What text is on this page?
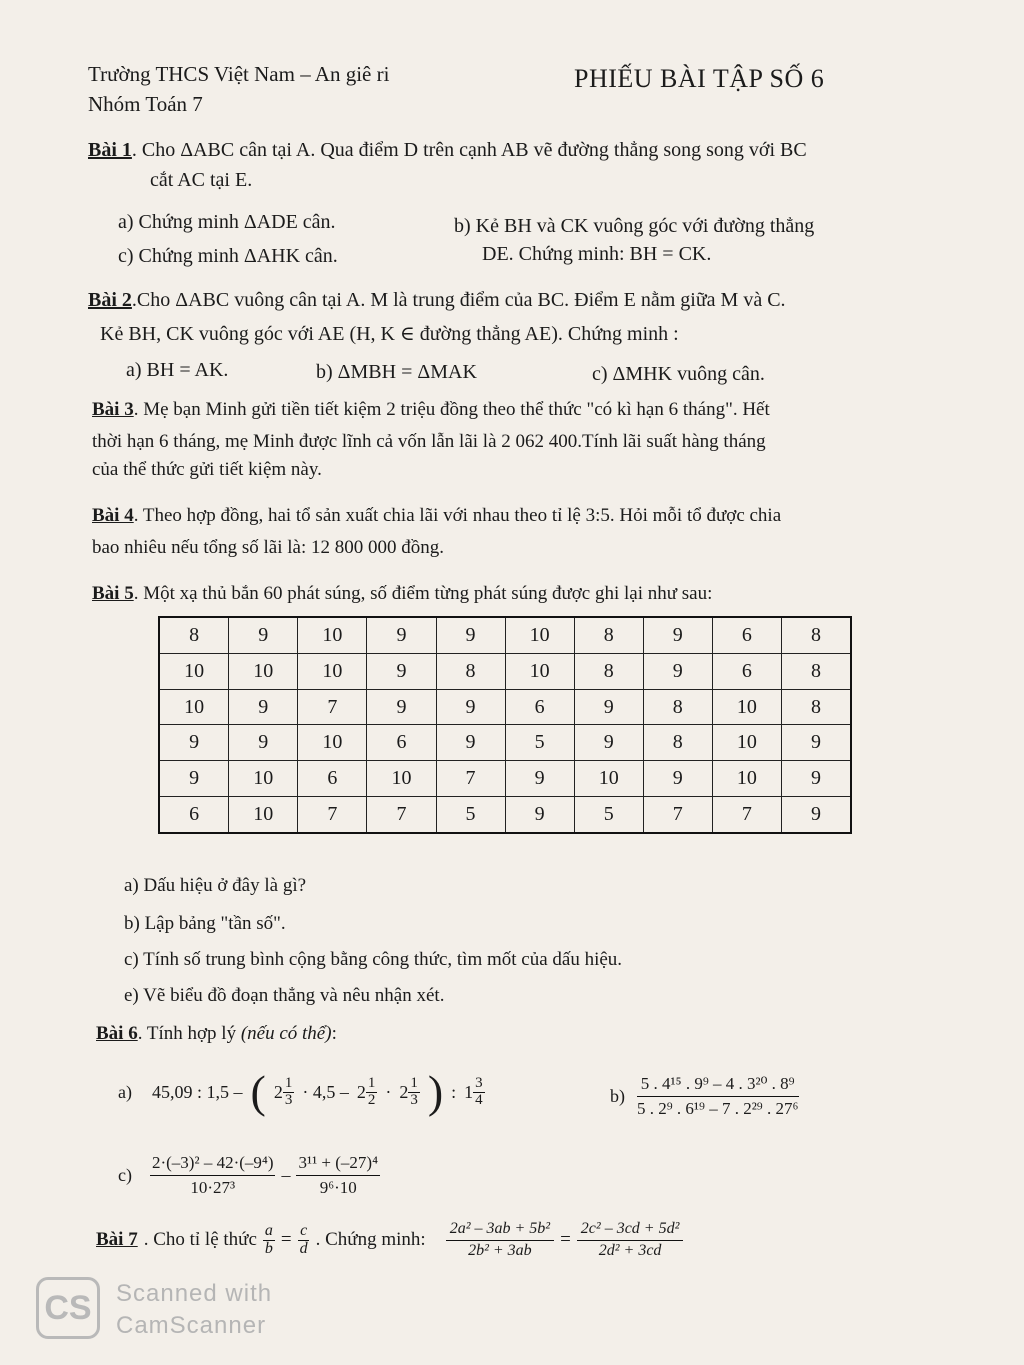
Trường THCS Việt Nam – An giê ri
Nhóm Toán 7
PHIẾU BÀI TẬP SỐ 6
Bài 1. Cho ΔABC cân tại A. Qua điểm D trên cạnh AB vẽ đường thẳng song song với BC
cắt AC tại E.
a) Chứng minh ΔADE cân.
c) Chứng minh ΔAHK cân.
b) Kẻ BH và CK vuông góc với đường thẳng
DE. Chứng minh: BH = CK.
Bài 2.Cho ΔABC vuông cân tại A. M là trung điểm của BC. Điểm E nằm giữa M và C.
Kẻ BH, CK vuông góc với AE (H, K ∈ đường thẳng AE). Chứng minh :
a) BH = AK.	b) ΔMBH = ΔMAK	c) ΔMHK vuông cân.
Bài 3. Mẹ bạn Minh gửi tiền tiết kiệm 2 triệu đồng theo thể thức "có kì hạn 6 tháng". Hết
thời hạn 6 tháng, mẹ Minh được lĩnh cả vốn lẫn lãi là 2 062 400.Tính lãi suất hàng tháng
của thể thức gửi tiết kiệm này.
Bài 4. Theo hợp đồng, hai tổ sản xuất chia lãi với nhau theo tỉ lệ 3:5. Hỏi mỗi tổ được chia
bao nhiêu nếu tổng số lãi là: 12 800 000 đồng.
Bài 5. Một xạ thủ bắn 60 phát súng, số điểm từng phát súng được ghi lại như sau:
8	9	10	9	9	10	8	9	6	8
10	10	10	9	8	10	8	9	6	8
10	9	7	9	9	6	9	8	10	8
9	9	10	6	9	5	9	8	10	9
9	10	6	10	7	9	10	9	10	9
6	10	7	7	5	9	5	7	7	9
a) Dấu hiệu ở đây là gì?
b) Lập bảng "tần số".
c) Tính số trung bình cộng bằng công thức, tìm mốt của dấu hiệu.
e) Vẽ biểu đồ đoạn thẳng và nêu nhận xét.
Bài 6. Tính hợp lý (nếu có thể):
a) 45,09 : 1,5 – ( $2 \frac{1}{3} \cdot 4,5 - 2 \frac{1}{2} \cdot 2 \frac{1}{3}$ ) : $1 \frac{3}{4}$	$b) \frac{\text{5 . 4¹⁵ . 9⁹ – 4 . 3²⁰ . 8⁹}}{\text{5 . 2⁹ . 6¹⁹ – 7 . 2²⁹ . 27⁶}}$
$c) \frac{\text{2·(–3)² – 42·(–9⁴)}}{\text{10·27³}} - \frac{\text{3¹¹ + (–27)⁴}}{\text{9⁶·10}}$
Bài 7 . Cho tỉ lệ thức $\frac{a}{b} = \frac{c}{d}$ . Chứng minh: $\frac{\text{2a² – 3ab + 5b²}}{\text{2b² + 3ab}} = \frac{\text{2c² – 3cd + 5d²}}{\text{2d² + 3cd}}$
CS	Scanned with
CamScanner
